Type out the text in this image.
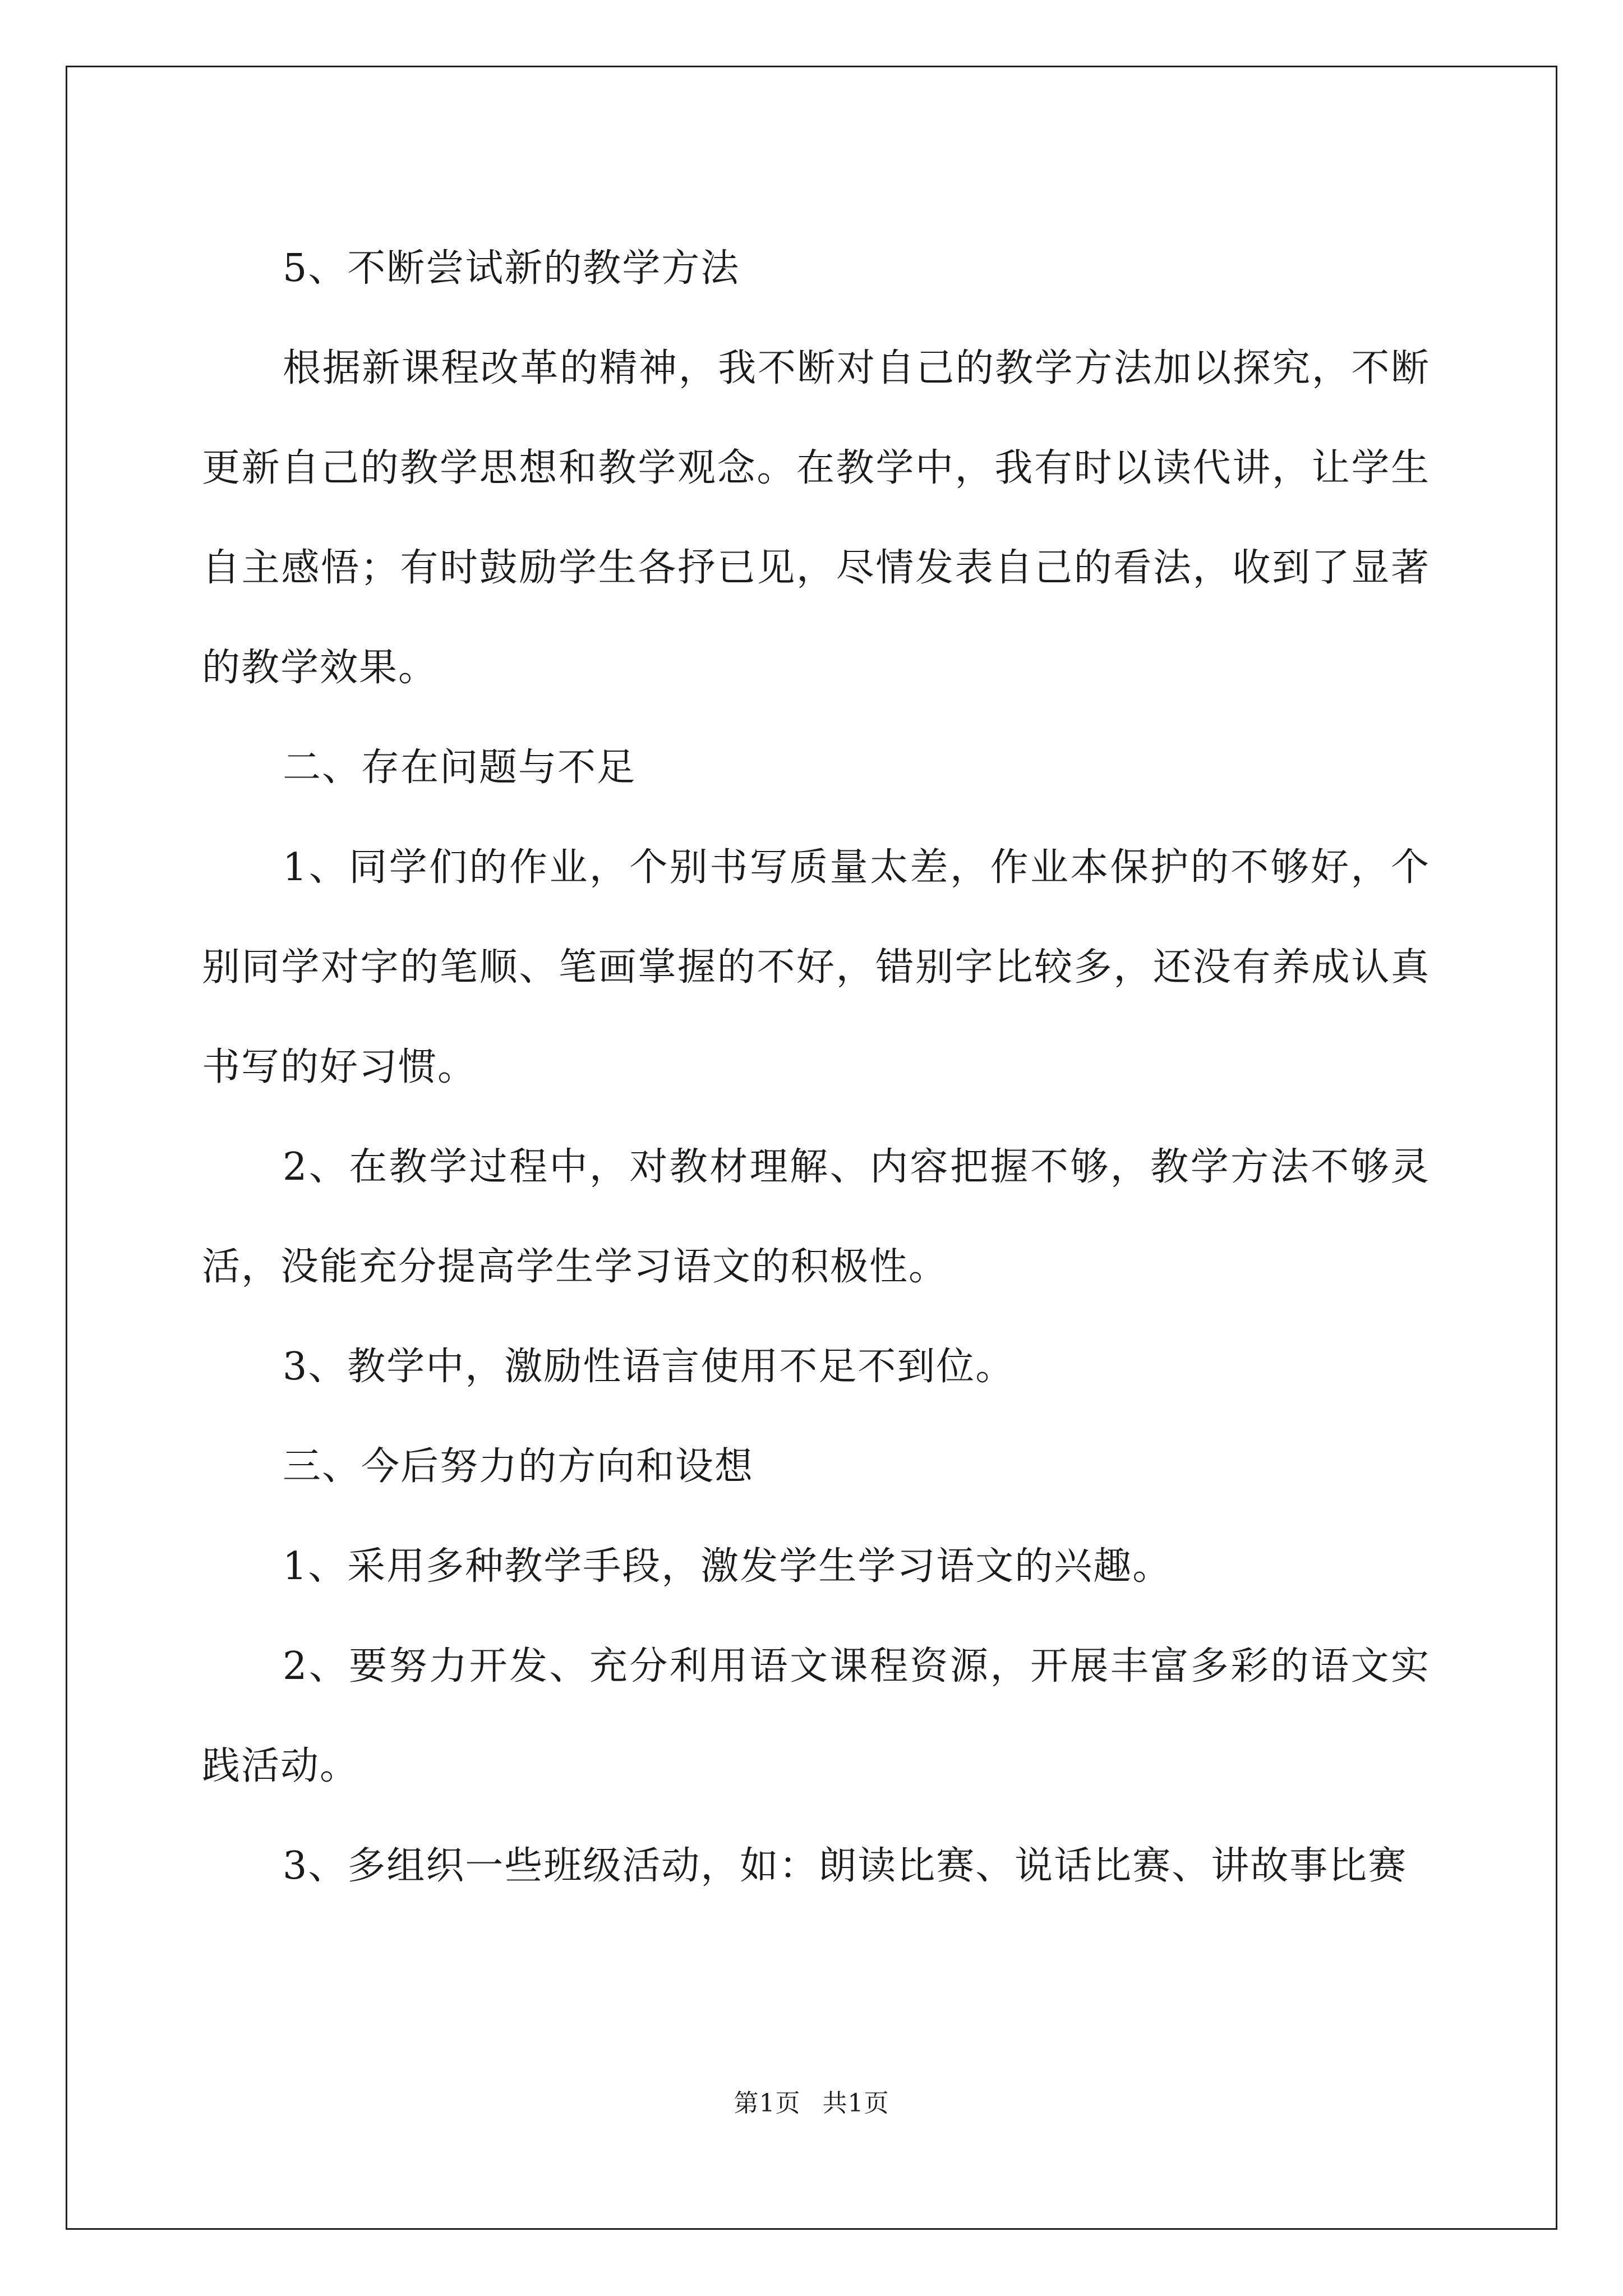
5、不断尝试新的教学方法

根据新课程改革的精神，我不断对自己的教学方法加以探究，不断更新自己的教学思想和教学观念。在教学中，我有时以读代讲，让学生自主感悟；有时鼓励学生各抒已见，尽情发表自己的看法，收到了显著的教学效果。

二、存在问题与不足

1、同学们的作业，个别书写质量太差，作业本保护的不够好，个别同学对字的笔顺、笔画掌握的不好，错别字比较多，还没有养成认真书写的好习惯。

2、在教学过程中，对教材理解、内容把握不够，教学方法不够灵活，没能充分提高学生学习语文的积极性。

3、教学中，激励性语言使用不足不到位。

三、今后努力的方向和设想

1、采用多种教学手段，激发学生学习语文的兴趣。

2、要努力开发、充分利用语文课程资源，开展丰富多彩的语文实践活动。

3、多组织一些班级活动，如：朗读比赛、说话比赛、讲故事比赛

第1页 共1页
